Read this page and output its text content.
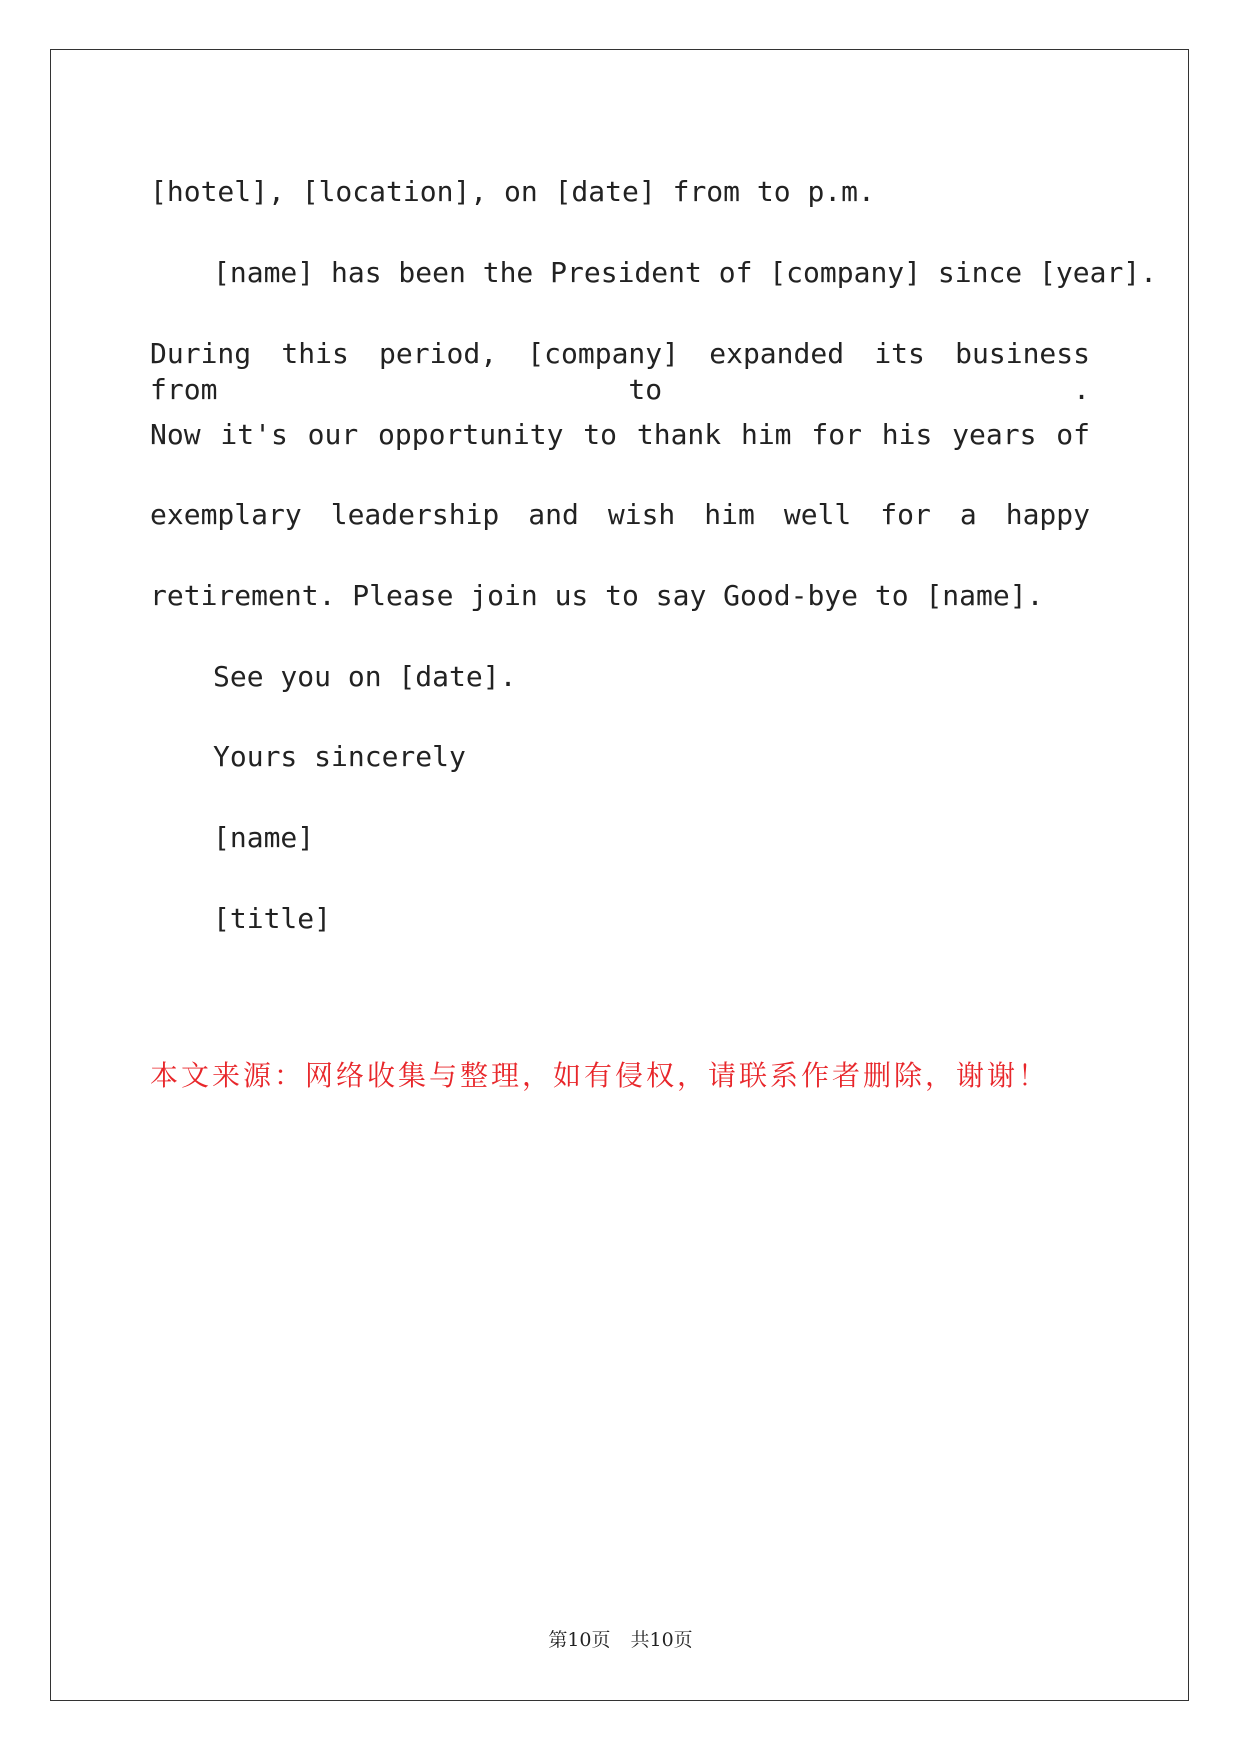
[hotel], [location], on [date] from to p.m.
[name] has been the President of [company] since [year].
During this period, [company] expanded its business from to .
Now it's our opportunity to thank him for his years of
exemplary leadership and wish him well for a happy
retirement. Please join us to say Good-bye to [name].
See you on [date].
Yours sincerely
[name]
[title]
本文来源：网络收集与整理，如有侵权，请联系作者删除，谢谢！
第10页 共10页
